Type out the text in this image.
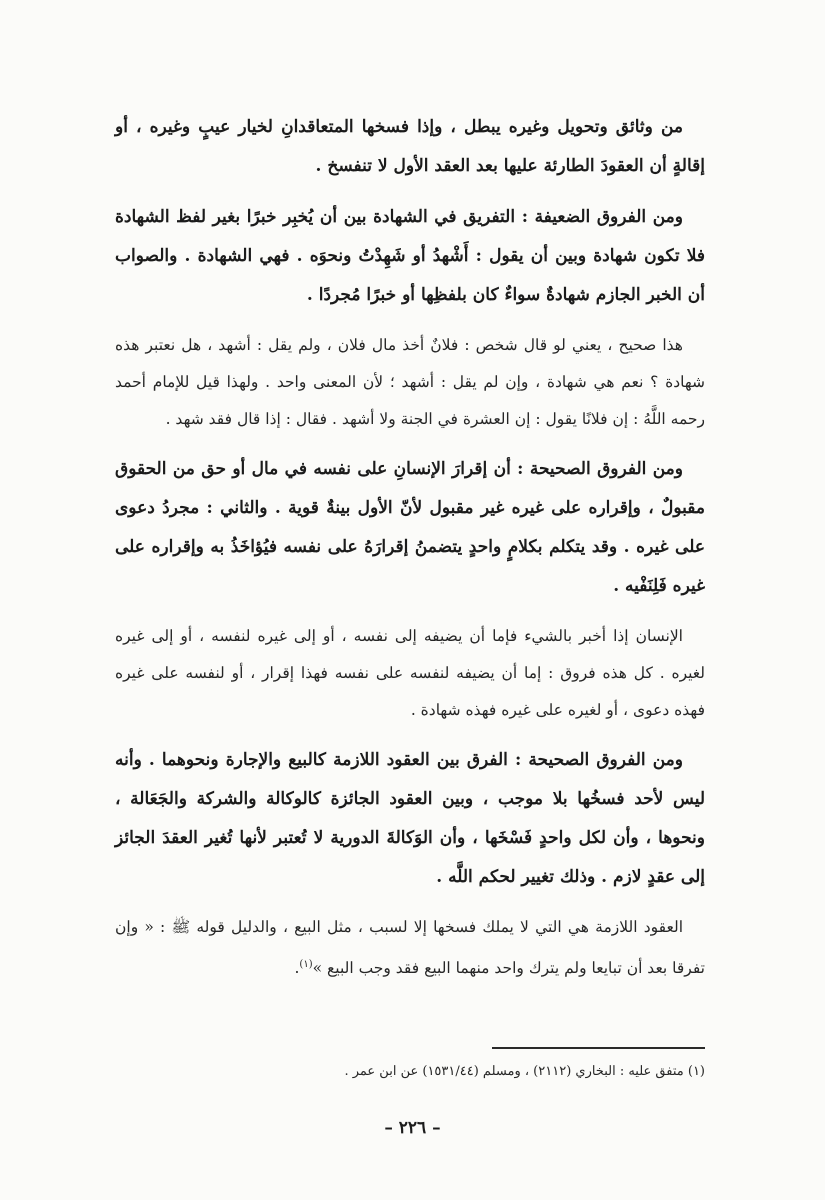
من وثائق وتحويل وغيره يبطل ، وإذا فسخها المتعاقدانِ لخيار عيبٍ وغيره ، أو إقالةٍ أن العقودَ الطارئة عليها بعد العقد الأول لا تنفسخ .

ومن الفروق الضعيفة : التفريق في الشهادة بين أن يُخبِر خبرًا بغير لفظ الشهادة فلا تكون شهادة وبين أن يقول : أَشْهدُ أو شَهِدْتُ ونحوَه . فهي الشهادة . والصواب أن الخبر الجازم شهادةٌ سواءٌ كان بلفظِها أو خبرًا مُجردًا .

هذا صحيح ، يعني لو قال شخص : فلانٌ أخذ مال فلان ، ولم يقل : أشهد ، هل نعتبر هذه شهادة ؟ نعم هي شهادة ، وإن لم يقل : أشهد ؛ لأن المعنى واحد . ولهذا قيل للإمام أحمد رحمه اللَّهُ : إن فلانًا يقول : إن العشرة في الجنة ولا أشهد . فقال : إذا قال فقد شهد .

ومن الفروق الصحيحة : أن إقرارَ الإنسانِ على نفسه في مال أو حق من الحقوق مقبولٌ ، وإقراره على غيره غير مقبول لأنّ الأول بينةٌ قوية . والثاني : مجردُ دعوى على غيره . وقد يتكلم بكلامٍ واحدٍ يتضمنُ إقرارَهُ على نفسه فيُؤاخَذُ به وإقراره على غيره فَلِنَفْيه .

الإنسان إذا أخبر بالشيء فإما أن يضيفه إلى نفسه ، أو إلى غيره لنفسه ، أو إلى غيره لغيره . كل هذه فروق : إما أن يضيفه لنفسه على نفسه فهذا إقرار ، أو لنفسه على غيره فهذه دعوى ، أو لغيره على غيره فهذه شهادة .

ومن الفروق الصحيحة : الفرق بين العقود اللازمة كالبيع والإجارة ونحوهما . وأنه ليس لأحد فسخُها بلا موجب ، وبين العقود الجائزة كالوكالة والشركة والجَعَالة ، ونحوها ، وأن لكل واحدٍ فَسْخَها ، وأن الوَكالةَ الدورية لا تُعتبر لأنها تُغير العقدَ الجائز إلى عقدٍ لازم . وذلك تغيير لحكم اللَّه .

العقود اللازمة هي التي لا يملك فسخها إلا لسبب ، مثل البيع ، والدليل قوله ﷺ : « وإن تفرقا بعد أن تبايعا ولم يترك واحد منهما البيع فقد وجب البيع »$^{(١)}$.

(١) متفق عليه : البخاري (٢١١٢) ، ومسلم (١٥٣١/٤٤) عن ابن عمر .
– ٢٢٦ –
